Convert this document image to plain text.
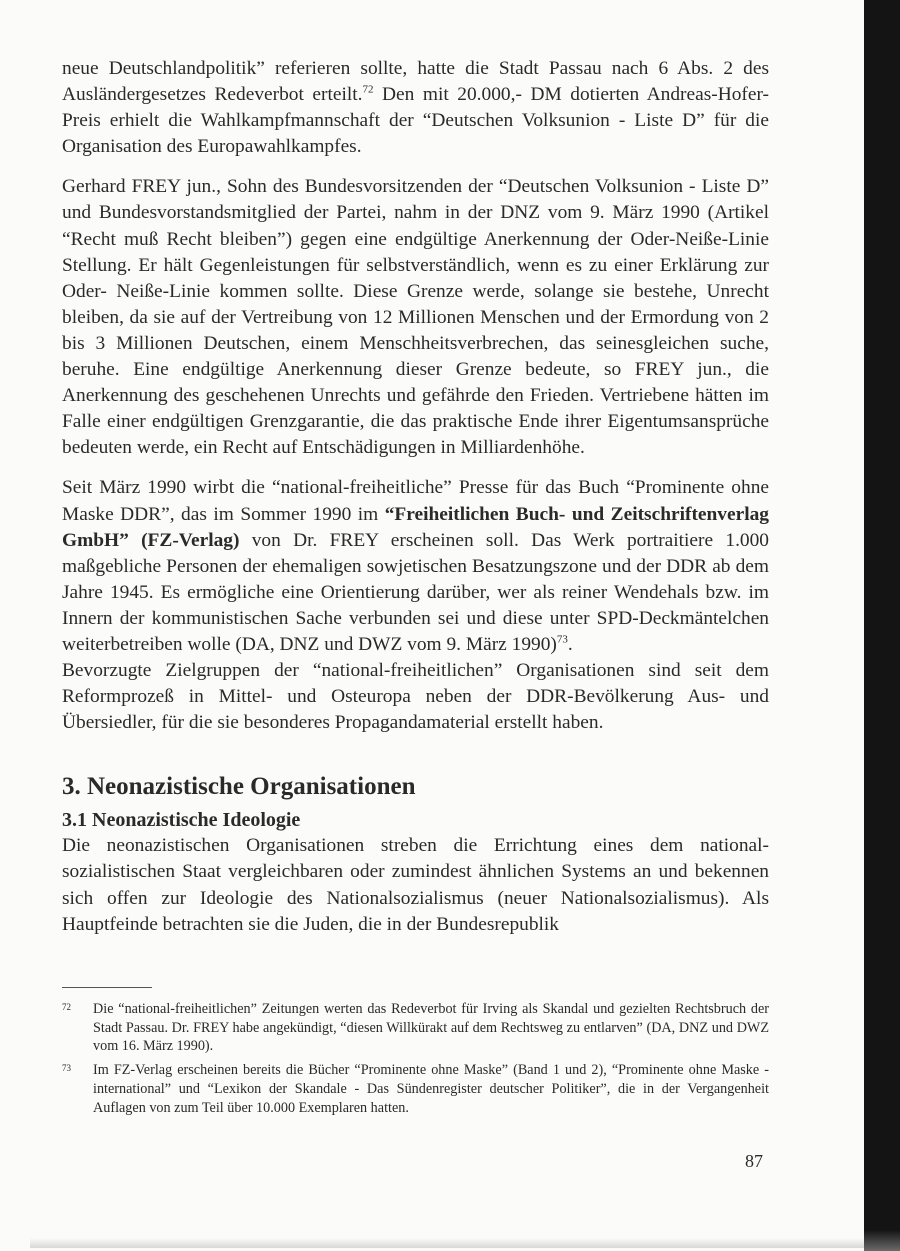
neue Deutschlandpolitik” referieren sollte, hatte die Stadt Passau nach 6 Abs. 2 des Ausländergesetzes Redeverbot erteilt.$^{72}$ Den mit 20.000,- DM dotierten Andreas-Hofer-Preis erhielt die Wahlkampfmannschaft der “Deutschen Volksunion - Liste D” für die Organisation des Europawahlkampfes.

Gerhard FREY jun., Sohn des Bundesvorsitzenden der “Deutschen Volksunion - Liste D” und Bundesvorstandsmitglied der Partei, nahm in der DNZ vom 9. März 1990 (Artikel “Recht muß Recht bleiben”) gegen eine endgültige Anerkennung der Oder-Neiße-Linie Stellung. Er hält Gegenleistungen für selbstverständlich, wenn es zu einer Erklärung zur Oder- Neiße-Linie kommen sollte. Diese Grenze werde, solange sie bestehe, Unrecht bleiben, da sie auf der Vertreibung von 12 Millionen Menschen und der Ermordung von 2 bis 3 Millionen Deutschen, einem Menschheitsverbrechen, das seinesgleichen suche, beruhe. Eine endgültige Anerkennung dieser Grenze bedeute, so FREY jun., die Anerkennung des geschehenen Unrechts und gefährde den Frieden. Vertriebene hätten im Falle einer endgültigen Grenzgarantie, die das praktische Ende ihrer Eigentumsansprüche bedeuten werde, ein Recht auf Entschädigungen in Milliardenhöhe.

Seit März 1990 wirbt die “national-freiheitliche” Presse für das Buch “Prominente ohne Maske DDR”, das im Sommer 1990 im “Freiheitlichen Buch- und Zeitschriftenverlag GmbH” (FZ-Verlag) von Dr. FREY erscheinen soll. Das Werk portraitiere 1.000 maßgebliche Personen der ehemaligen sowjetischen Besatzungszone und der DDR ab dem Jahre 1945. Es ermögliche eine Orientierung darüber, wer als reiner Wendehals bzw. im Innern der kommunistischen Sache verbunden sei und diese unter SPD-Deckmäntelchen weiterbetreiben wolle (DA, DNZ und DWZ vom 9. März 1990)$^{73}$.

Bevorzugte Zielgruppen der “national-freiheitlichen” Organisationen sind seit dem Reformprozeß in Mittel- und Osteuropa neben der DDR-Bevölkerung Aus- und Übersiedler, für die sie besonderes Propagandamaterial erstellt haben.

3. Neonazistische Organisationen
3.1 Neonazistische Ideologie

Die neonazistischen Organisationen streben die Errichtung eines dem nationalsozialistischen Staat vergleichbaren oder zumindest ähnlichen Systems an und bekennen sich offen zur Ideologie des Nationalsozialismus (neuer Nationalsozialismus). Als Hauptfeinde betrachten sie die Juden, die in der Bundesrepublik

72	Die “national-freiheitlichen” Zeitungen werten das Redeverbot für Irving als Skandal und gezielten Rechtsbruch der Stadt Passau. Dr. FREY habe angekündigt, “diesen Willkürakt auf dem Rechtsweg zu entlarven” (DA, DNZ und DWZ vom 16. März 1990).
73	Im FZ-Verlag erscheinen bereits die Bücher “Prominente ohne Maske” (Band 1 und 2), “Prominente ohne Maske - international” und “Lexikon der Skandale - Das Sündenregister deutscher Politiker”, die in der Vergangenheit Auflagen von zum Teil über 10.000 Exemplaren hatten.
87
